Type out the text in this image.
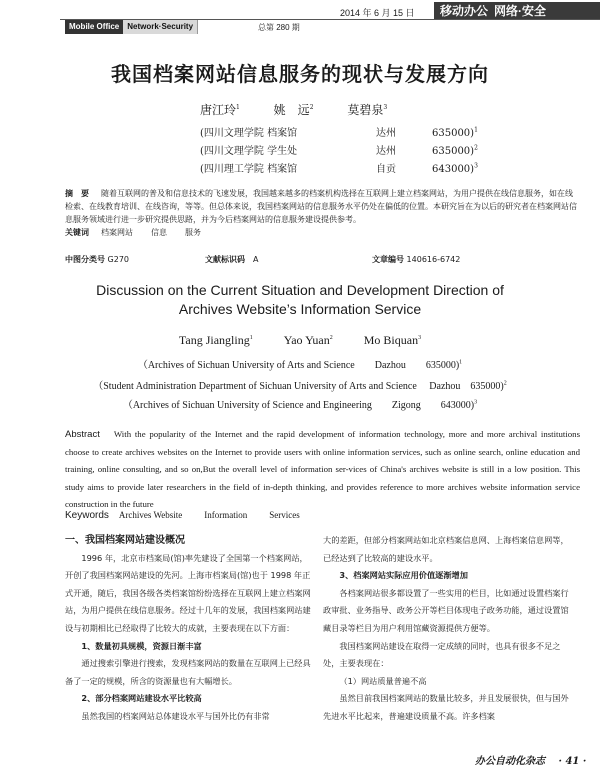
2014 年 6 月 15 日	移动办公 网络·安全
Mobile Office	Network·Security	总第 280 期
我国档案网站信息服务的现状与发展方向
唐江玲$^1$	姚　远$^2$	莫碧泉$^3$
(四川文理学院 档案馆	达州	635000)$^1$
(四川文理学院 学生处	达州	635000)$^2$
(四川理工学院 档案馆	自贡	643000)$^3$
摘　要 随着互联网的普及和信息技术的飞速发展，我国越来越多的档案机构选择在互联网上建立档案网站，为用户提供在线信息服务，如在线检索、在线教育培训、在线咨询，等等。但总体来说，我国档案网站的信息服务水平仍处在偏低的位置。本研究旨在为以后的研究者在档案网站信息服务领域进行进一步研究提供思路，并为今后档案网站的信息服务建设提供参考。
关键词 档案网站 信息 服务
中图分类号 G270	文献标识码　 A	文章编号 140616-6742
Discussion on the Current Situation and Development Direction of
Archives Website’s Information Service
Tang Jiangling$^1$	Yao Yuan$^2$	Mo Biquan$^3$
（Archives of Sichuan University of Arts and Science　　Dazhou　　635000)$^1$
（Student Administration Department of Sichuan University of Arts and Science　 Dazhou　635000)$^2$
（Archives of Sichuan University of Science and Engineering　　Zigong　　643000)$^3$
Abstract With the popularity of the Internet and the rapid development of information technology, more and more archival institutions choose to create archives websites on the Internet to provide users with online information services, such as online search, online education and training, online consulting, and so on,But the overall level of information ser-vices of China's archives website is still in a low position. This study aims to provide later researchers in the field of in-depth thinking, and provides reference to more archives website information service construction in the future
Keywords Archives Website Information Services

一、我国档案网站建设概况

1996 年，北京市档案局(馆)率先建设了全国第一个档案网站，开创了我国档案网站建设的先河。上海市档案局(馆)也于 1998 年正式开通，随后，我国各级各类档案馆纷纷选择在互联网上建立档案网站，为用户提供在线信息服务。经过十几年的发展，我国档案网站建设与初期相比已经取得了比较大的成就，主要表现在以下方面：

1、数量初具规模，资源日渐丰富

通过搜索引擎进行搜索，发现档案网站的数量在互联网上已经具备了一定的规模，所含的资源量也有大幅增长。

2、部分档案网站建设水平比较高

虽然我国的档案网站总体建设水平与国外比仍有非常

大的差距，但部分档案网站如北京档案信息网、上海档案信息网等，已经达到了比较高的建设水平。

3、档案网站实际应用价值逐渐增加

各档案网站很多都设置了一些实用的栏目，比如通过设置档案行政审批、业务指导、政务公开等栏目体现电子政务功能，通过设置馆藏目录等栏目为用户利用馆藏资源提供方便等。

我国档案网站建设在取得一定成绩的同时，也具有很多不足之处，主要表现在：

（1）网站质量普遍不高

虽然目前我国档案网站的数量比较多，并且发展很快，但与国外先进水平比起来，普遍建设质量不高。许多档案

办公自动化杂志 · 41 ·
